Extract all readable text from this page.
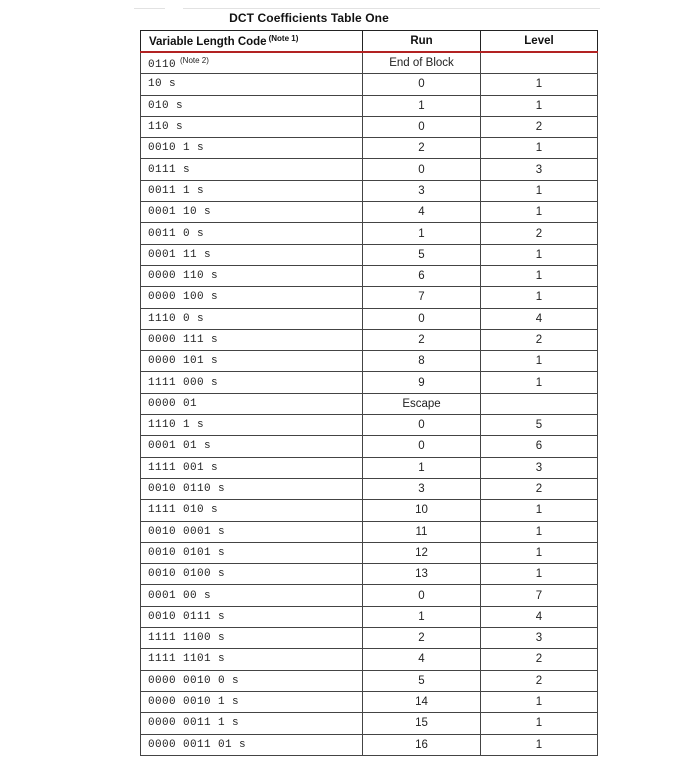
DCT Coefficients Table One
Variable Length Code $^{(Note 1)}$	Run	Level
0110 $^{(Note 2)}$	End of Block	
10 s	0	1
010 s	1	1
110 s	0	2
0010 1 s	2	1
0111 s	0	3
0011 1 s	3	1
0001 10 s	4	1
0011 0 s	1	2
0001 11 s	5	1
0000 110 s	6	1
0000 100 s	7	1
1110 0 s	0	4
0000 111 s	2	2
0000 101 s	8	1
1111 000 s	9	1
0000 01	Escape	
1110 1 s	0	5
0001 01 s	0	6
1111 001 s	1	3
0010 0110 s	3	2
1111 010 s	10	1
0010 0001 s	11	1
0010 0101 s	12	1
0010 0100 s	13	1
0001 00 s	0	7
0010 0111 s	1	4
1111 1100 s	2	3
1111 1101 s	4	2
0000 0010 0 s	5	2
0000 0010 1 s	14	1
0000 0011 1 s	15	1
0000 0011 01 s	16	1
